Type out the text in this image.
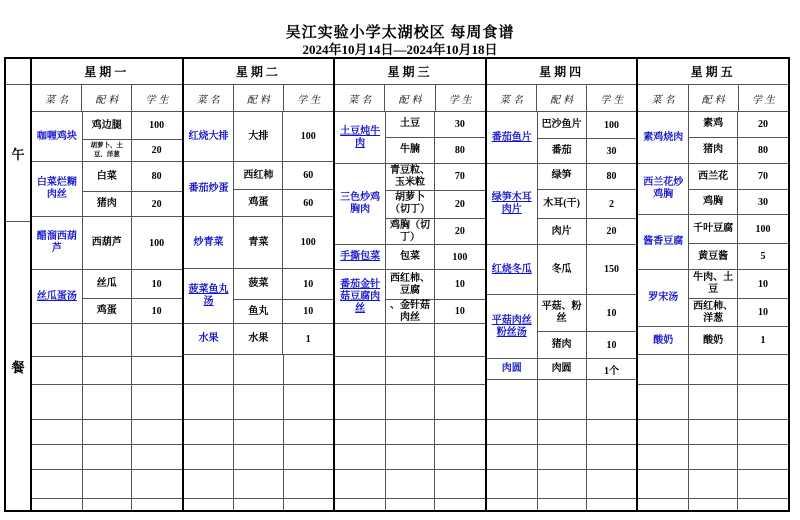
吴江实验小学太湖校区 每周食谱
2024年10月14日—2024年10月18日
午
餐
星期一
菜名	配料	学生
咖喱鸡块
鸡边腿	100
胡萝卜、土豆、洋葱	20
白菜烂糊肉丝
白菜	80
猪肉	20
醋溜西葫芦
西葫芦	100
丝瓜蛋汤
丝瓜	10
鸡蛋	10
星期二
菜名	配料	学生
红烧大排	大排	100
番茄炒蛋
西红柿	60
鸡蛋	60
炒青菜	青菜	100
菠菜鱼丸汤
菠菜	10
鱼丸	10
水果	水果	1
星期三
菜名	配料	学生
土豆炖牛肉
土豆	30
牛腩	80
三色炒鸡胸肉
青豆粒、玉米粒	70
胡萝卜（切丁）	20
鸡胸（切丁）	20
手撕包菜	包菜	100
番茄金针菇豆腐肉丝
西红柿、豆腐	10
、金针菇肉丝	10
星期四
菜名	配料	学生
番茄鱼片
巴沙鱼片	100
番茄	30
绿笋木耳肉片
绿笋	80
木耳(干)	2
肉片	20
红烧冬瓜	冬瓜	150
平菇肉丝粉丝汤
平菇、粉丝	10
猪肉	10
肉圆	肉圆	1个
星期五
菜名	配料	学生
素鸡烧肉
素鸡	20
猪肉	80
西兰花炒鸡胸
西兰花	70
鸡胸	30
酱香豆腐
千叶豆腐	100
黄豆酱	5
罗宋汤
牛肉、土豆	10
西红柿、洋葱	10
酸奶	酸奶	1
